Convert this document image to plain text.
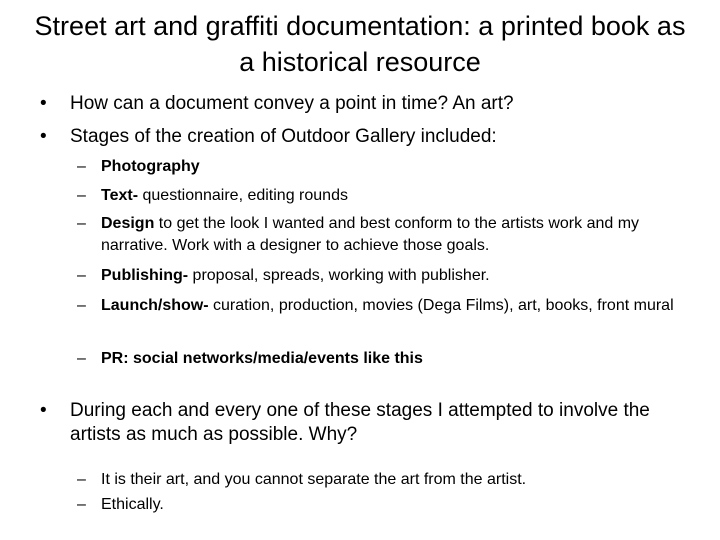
Street art and graffiti documentation: a printed book as a historical resource
• How can a document convey a point in time? An art?
• Stages of the creation of Outdoor Gallery included:
– Photography
– Text- questionnaire, editing rounds
– Design to get the look I wanted and best conform to the artists work and my narrative. Work with a designer to achieve those goals.
– Publishing- proposal, spreads, working with publisher.
– Launch/show- curation, production, movies (Dega Films), art, books, front mural
– PR: social networks/media/events like this
• During each and every one of these stages I attempted to involve the artists as much as possible. Why?
– It is their art, and you cannot separate the art from the artist.
– Ethically.
